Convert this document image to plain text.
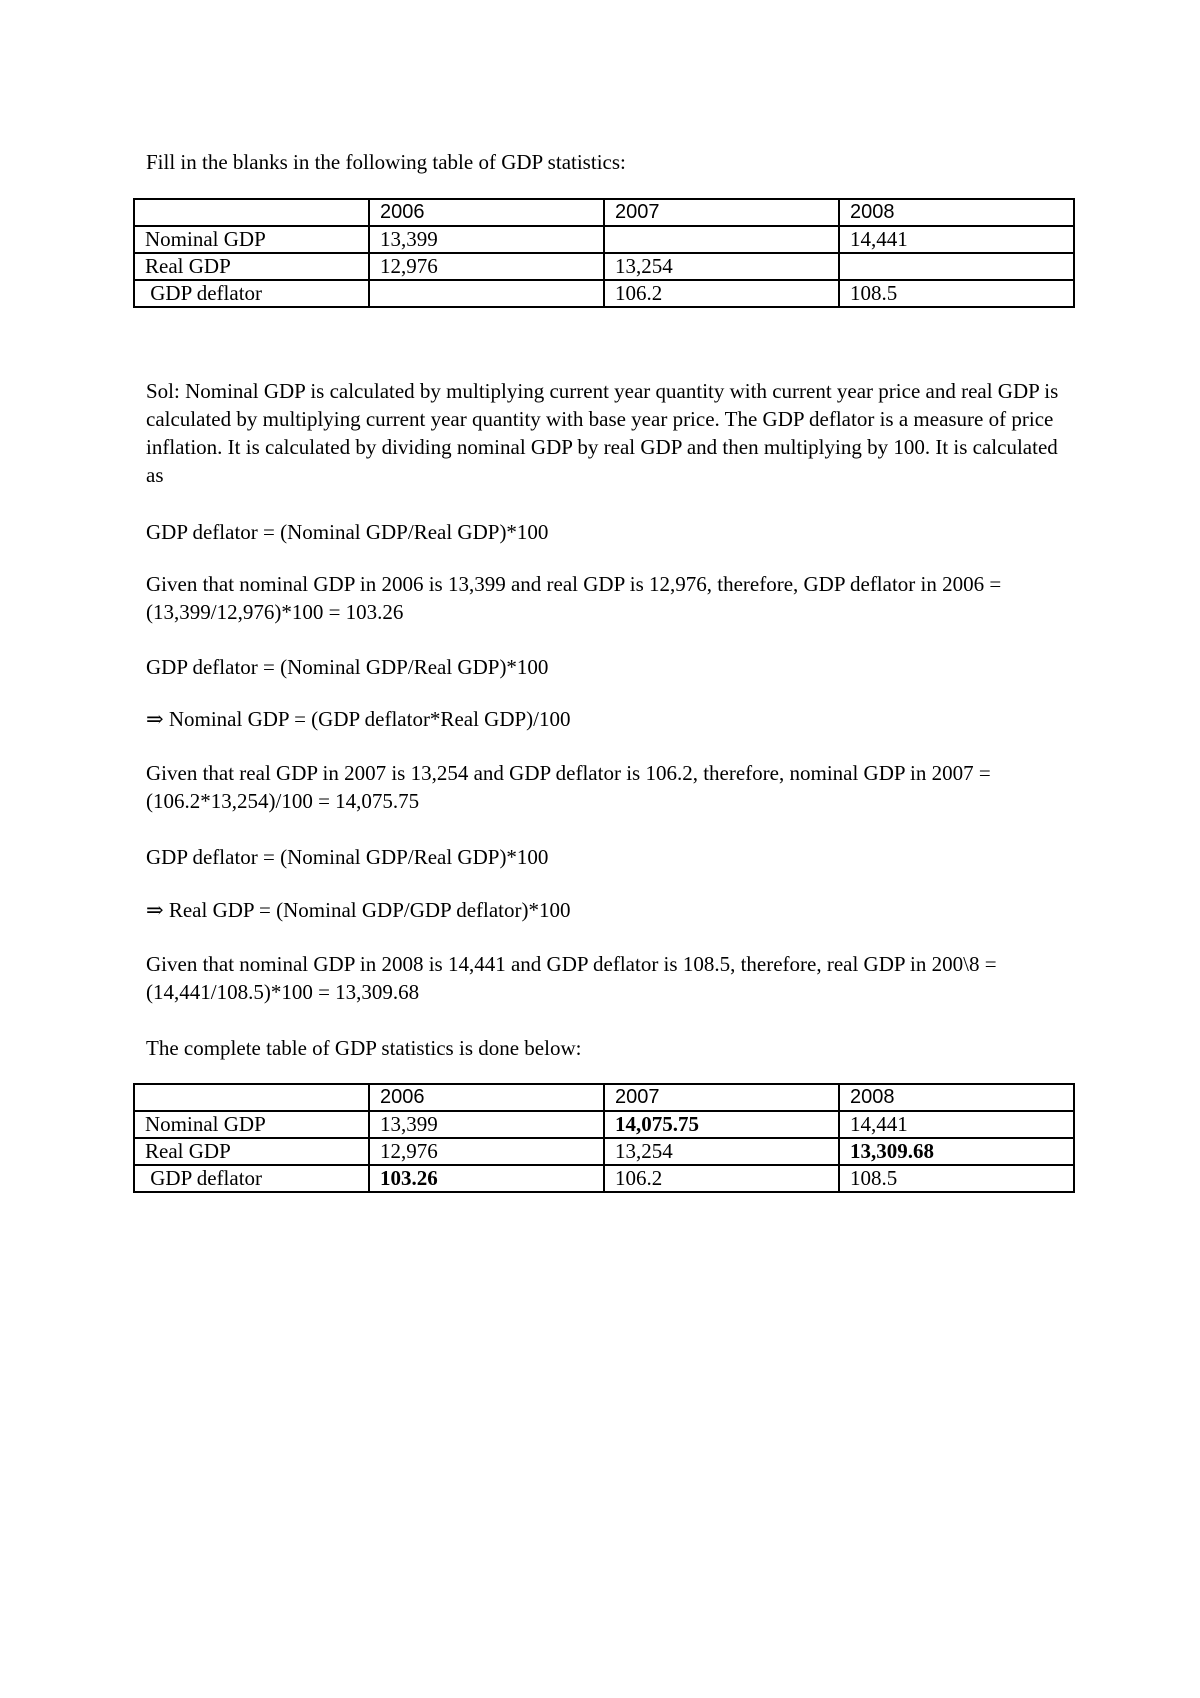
Fill in the blanks in the following table of GDP statistics:
	2006	2007	2008
Nominal GDP	13,399		14,441
Real GDP	12,976	13,254	
GDP deflator		106.2	108.5
Sol: Nominal GDP is calculated by multiplying current year quantity with current year price and real GDP is calculated by multiplying current year quantity with base year price. The GDP deflator is a measure of price inflation. It is calculated by dividing nominal GDP by real GDP and then multiplying by 100. It is calculated as
GDP deflator = (Nominal GDP/Real GDP)*100
Given that nominal GDP in 2006 is 13,399 and real GDP is 12,976, therefore, GDP deflator in 2006 = (13,399/12,976)*100 = 103.26
GDP deflator = (Nominal GDP/Real GDP)*100
⇒ Nominal GDP = (GDP deflator*Real GDP)/100
Given that real GDP in 2007 is 13,254 and GDP deflator is 106.2, therefore, nominal GDP in 2007 = (106.2*13,254)/100 = 14,075.75
GDP deflator = (Nominal GDP/Real GDP)*100
⇒ Real GDP = (Nominal GDP/GDP deflator)*100
Given that nominal GDP in 2008 is 14,441 and GDP deflator is 108.5, therefore, real GDP in 200\8 = (14,441/108.5)*100 = 13,309.68
The complete table of GDP statistics is done below:
	2006	2007	2008
Nominal GDP	13,399	14,075.75	14,441
Real GDP	12,976	13,254	13,309.68
GDP deflator	103.26	106.2	108.5
